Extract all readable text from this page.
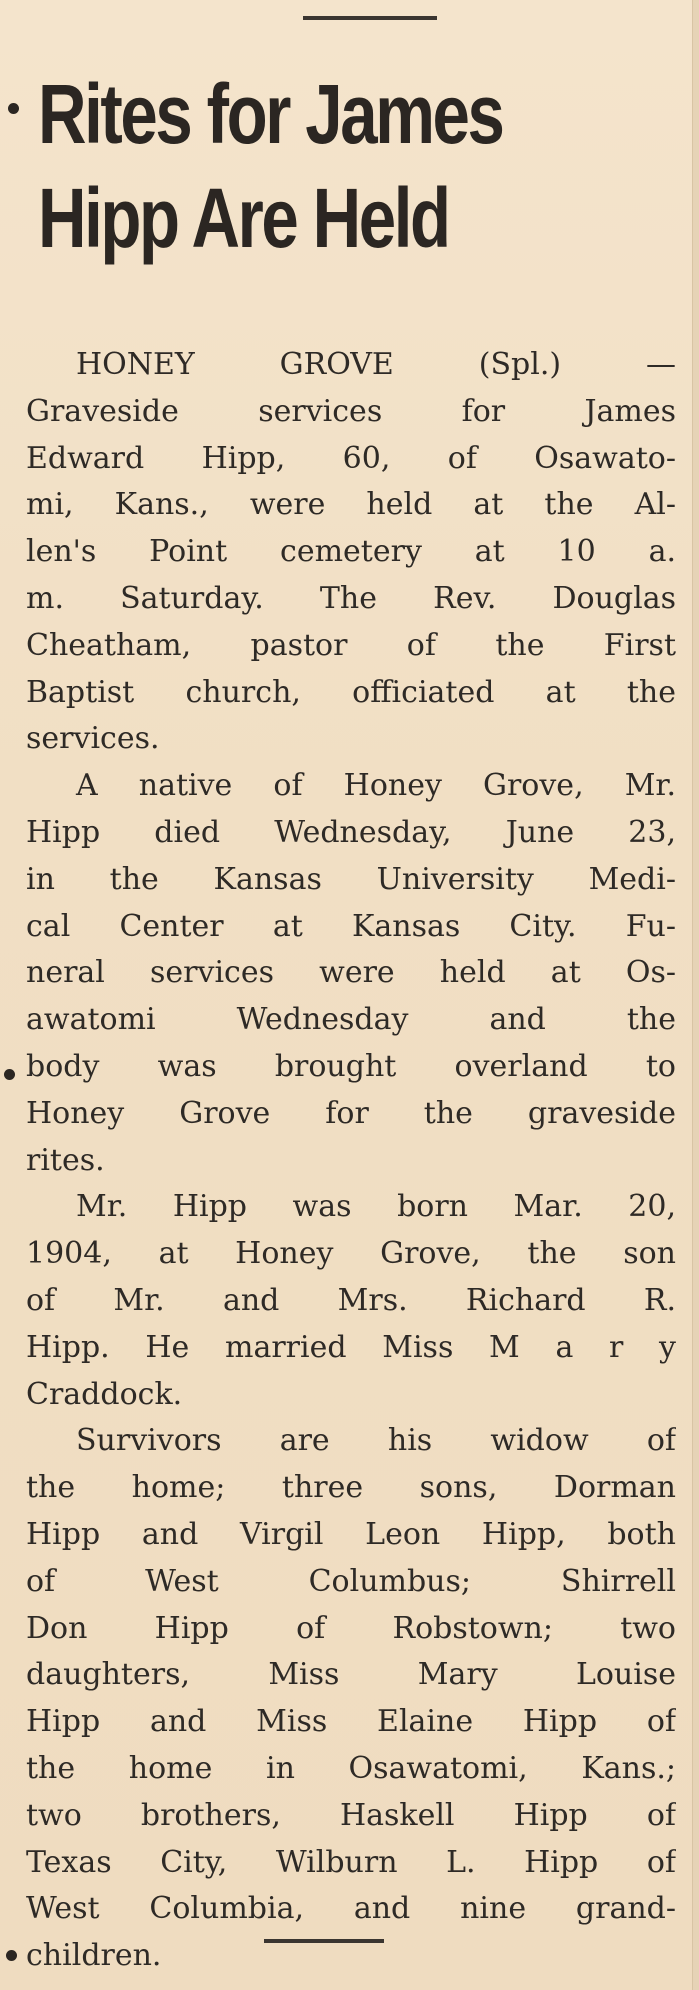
Rites for James
Hipp Are Held
HONEY GROVE (Spl.) —
Graveside services for James
Edward Hipp, 60, of Osawato-
mi, Kans., were held at the Al-
len's Point cemetery at 10 a.
m. Saturday. The Rev. Douglas
Cheatham, pastor of the First
Baptist church, officiated at the
services.
A native of Honey Grove, Mr.
Hipp died Wednesday, June 23,
in the Kansas University Medi-
cal Center at Kansas City. Fu-
neral services were held at Os-
awatomi Wednesday and the
body was brought overland to
Honey Grove for the graveside
rites.
Mr. Hipp was born Mar. 20,
1904, at Honey Grove, the son
of Mr. and Mrs. Richard R.
Hipp. He married Miss M a r y
Craddock.
Survivors are his widow of
the home; three sons, Dorman
Hipp and Virgil Leon Hipp, both
of West Columbus; Shirrell
Don Hipp of Robstown; two
daughters, Miss Mary Louise
Hipp and Miss Elaine Hipp of
the home in Osawatomi, Kans.;
two brothers, Haskell Hipp of
Texas City, Wilburn L. Hipp of
West Columbia, and nine grand-
children.
